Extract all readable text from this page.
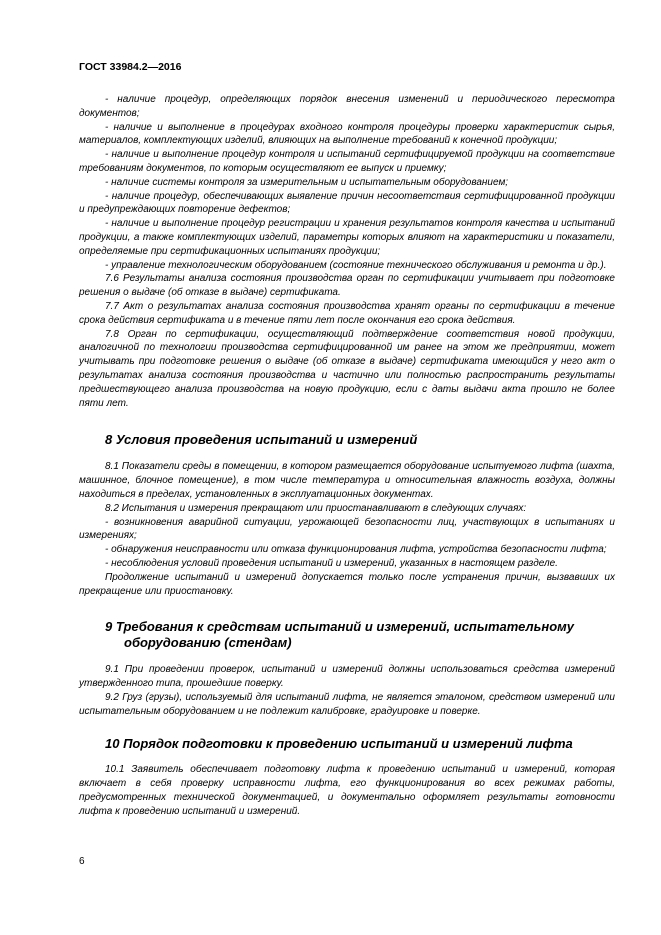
ГОСТ 33984.2—2016

- наличие процедур, определяющих порядок внесения изменений и периодического пересмотра документов;

- наличие и выполнение в процедурах входного контроля процедуры проверки характеристик сырья, материалов, комплектующих изделий, влияющих на выполнение требований к конечной продукции;

- наличие и выполнение процедур контроля и испытаний сертифицируемой продукции на соответствие требованиям документов, по которым осуществляют ее выпуск и приемку;

- наличие системы контроля за измерительным и испытательным оборудованием;

- наличие процедур, обеспечивающих выявление причин несоответствия сертифицированной продукции и предупреждающих повторение дефектов;

- наличие и выполнение процедур регистрации и хранения результатов контроля качества и испытаний продукции, а также комплектующих изделий, параметры которых влияют на характеристики и показатели, определяемые при сертификационных испытаниях продукции;

- управление технологическим оборудованием (состояние технического обслуживания и ремонта и др.).

7.6 Результаты анализа состояния производства орган по сертификации учитывает при подготовке решения о выдаче (об отказе в выдаче) сертификата.

7.7 Акт о результатах анализа состояния производства хранят органы по сертификации в течение срока действия сертификата и в течение пяти лет после окончания его срока действия.

7.8 Орган по сертификации, осуществляющий подтверждение соответствия новой продукции, аналогичной по технологии производства сертифицированной им ранее на этом же предприятии, может учитывать при подготовке решения о выдаче (об отказе в выдаче) сертификата имеющийся у него акт о результатах анализа состояния производства и частично или полностью распространить результаты предшествующего анализа производства на новую продукцию, если с даты выдачи акта прошло не более пяти лет.

8 Условия проведения испытаний и измерений

8.1 Показатели среды в помещении, в котором размещается оборудование испытуемого лифта (шахта, машинное, блочное помещение), в том числе температура и относительная влажность воздуха, должны находиться в пределах, установленных в эксплуатационных документах.

8.2 Испытания и измерения прекращают или приостанавливают в следующих случаях:

- возникновения аварийной ситуации, угрожающей безопасности лиц, участвующих в испытаниях и измерениях;

- обнаружения неисправности или отказа функционирования лифта, устройства безопасности лифта;

- несоблюдения условий проведения испытаний и измерений, указанных в настоящем разделе.

Продолжение испытаний и измерений допускается только после устранения причин, вызвавших их прекращение или приостановку.

9 Требования к средствам испытаний и измерений, испытательному
оборудованию (стендам)

9.1 При проведении проверок, испытаний и измерений должны использоваться средства измерений утвержденного типа, прошедшие поверку.

9.2 Груз (грузы), используемый для испытаний лифта, не является эталоном, средством измерений или испытательным оборудованием и не подлежит калибровке, градуировке и поверке.

10 Порядок подготовки к проведению испытаний и измерений лифта

10.1 Заявитель обеспечивает подготовку лифта к проведению испытаний и измерений, которая включает в себя проверку исправности лифта, его функционирования во всех режимах работы, предусмотренных технической документацией, и документально оформляет результаты готовности лифта к проведению испытаний и измерений.

6
